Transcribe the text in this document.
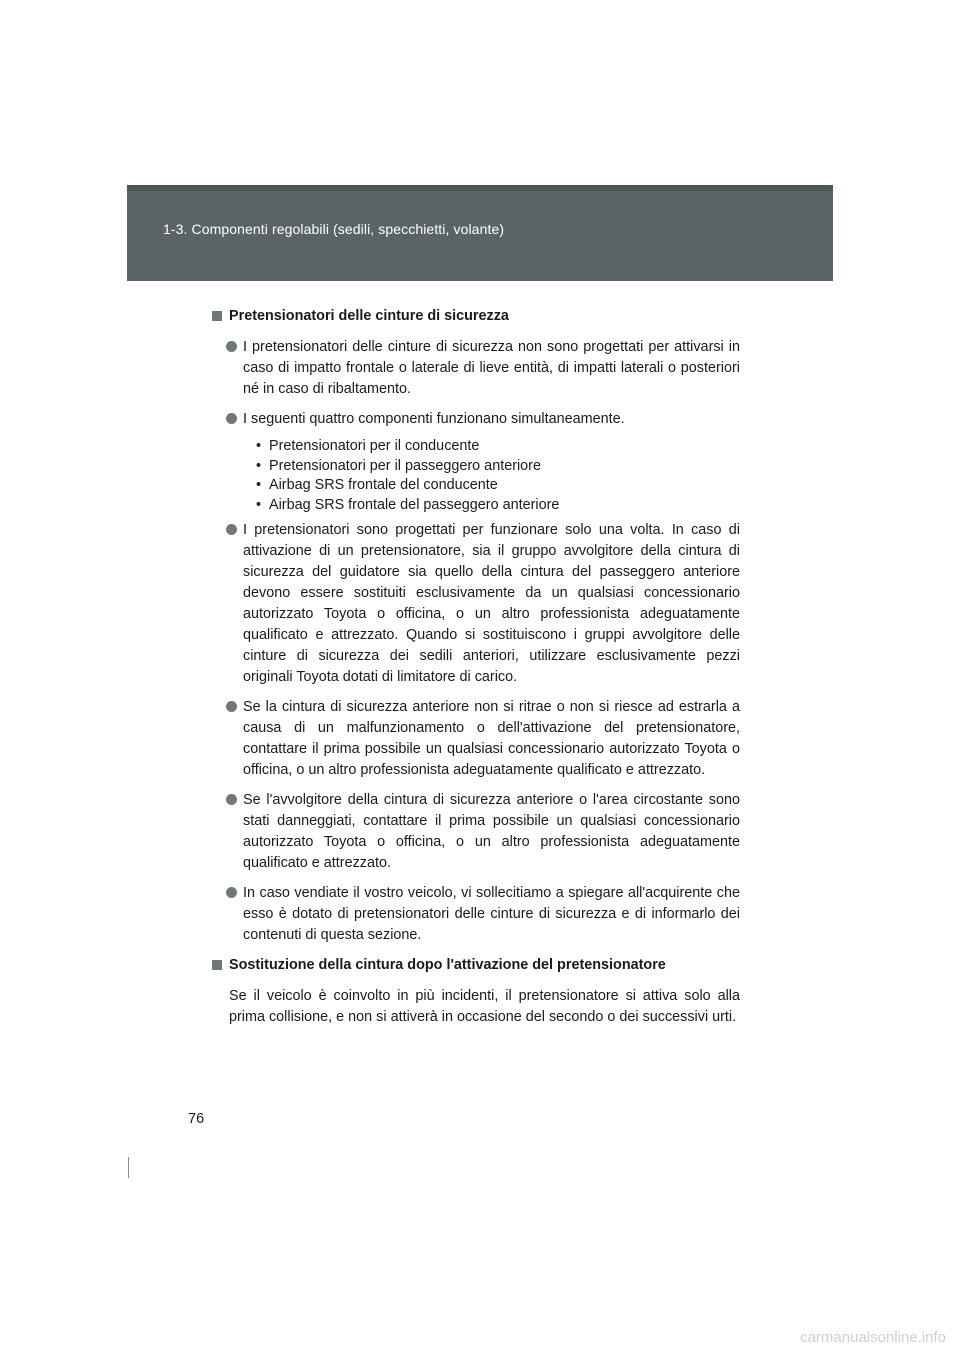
1-3. Componenti regolabili (sedili, specchietti, volante)
Pretensionatori delle cinture di sicurezza
I pretensionatori delle cinture di sicurezza non sono progettati per attivarsi in caso di impatto frontale o laterale di lieve entità, di impatti laterali o posteriori né in caso di ribaltamento.
I seguenti quattro componenti funzionano simultaneamente.
• Pretensionatori per il conducente
• Pretensionatori per il passeggero anteriore
• Airbag SRS frontale del conducente
• Airbag SRS frontale del passeggero anteriore
I pretensionatori sono progettati per funzionare solo una volta. In caso di attivazione di un pretensionatore, sia il gruppo avvolgitore della cintura di sicurezza del guidatore sia quello della cintura del passeggero anteriore devono essere sostituiti esclusivamente da un qualsiasi concessionario autorizzato Toyota o officina, o un altro professionista adeguatamente qualificato e attrezzato. Quando si sostituiscono i gruppi avvolgitore delle cinture di sicurezza dei sedili anteriori, utilizzare esclusivamente pezzi originali Toyota dotati di limitatore di carico.
Se la cintura di sicurezza anteriore non si ritrae o non si riesce ad estrarla a causa di un malfunzionamento o dell'attivazione del pretensionatore, contattare il prima possibile un qualsiasi concessionario autorizzato Toyota o officina, o un altro professionista adeguatamente qualificato e attrezzato.
Se l'avvolgitore della cintura di sicurezza anteriore o l'area circostante sono stati danneggiati, contattare il prima possibile un qualsiasi concessionario autorizzato Toyota o officina, o un altro professionista adeguatamente qualificato e attrezzato.
In caso vendiate il vostro veicolo, vi sollecitiamo a spiegare all'acquirente che esso è dotato di pretensionatori delle cinture di sicurezza e di informarlo dei contenuti di questa sezione.
Sostituzione della cintura dopo l'attivazione del pretensionatore

Se il veicolo è coinvolto in più incidenti, il pretensionatore si attiva solo alla prima collisione, e non si attiverà in occasione del secondo o dei successivi urti.

76
carmanualsonline.info
